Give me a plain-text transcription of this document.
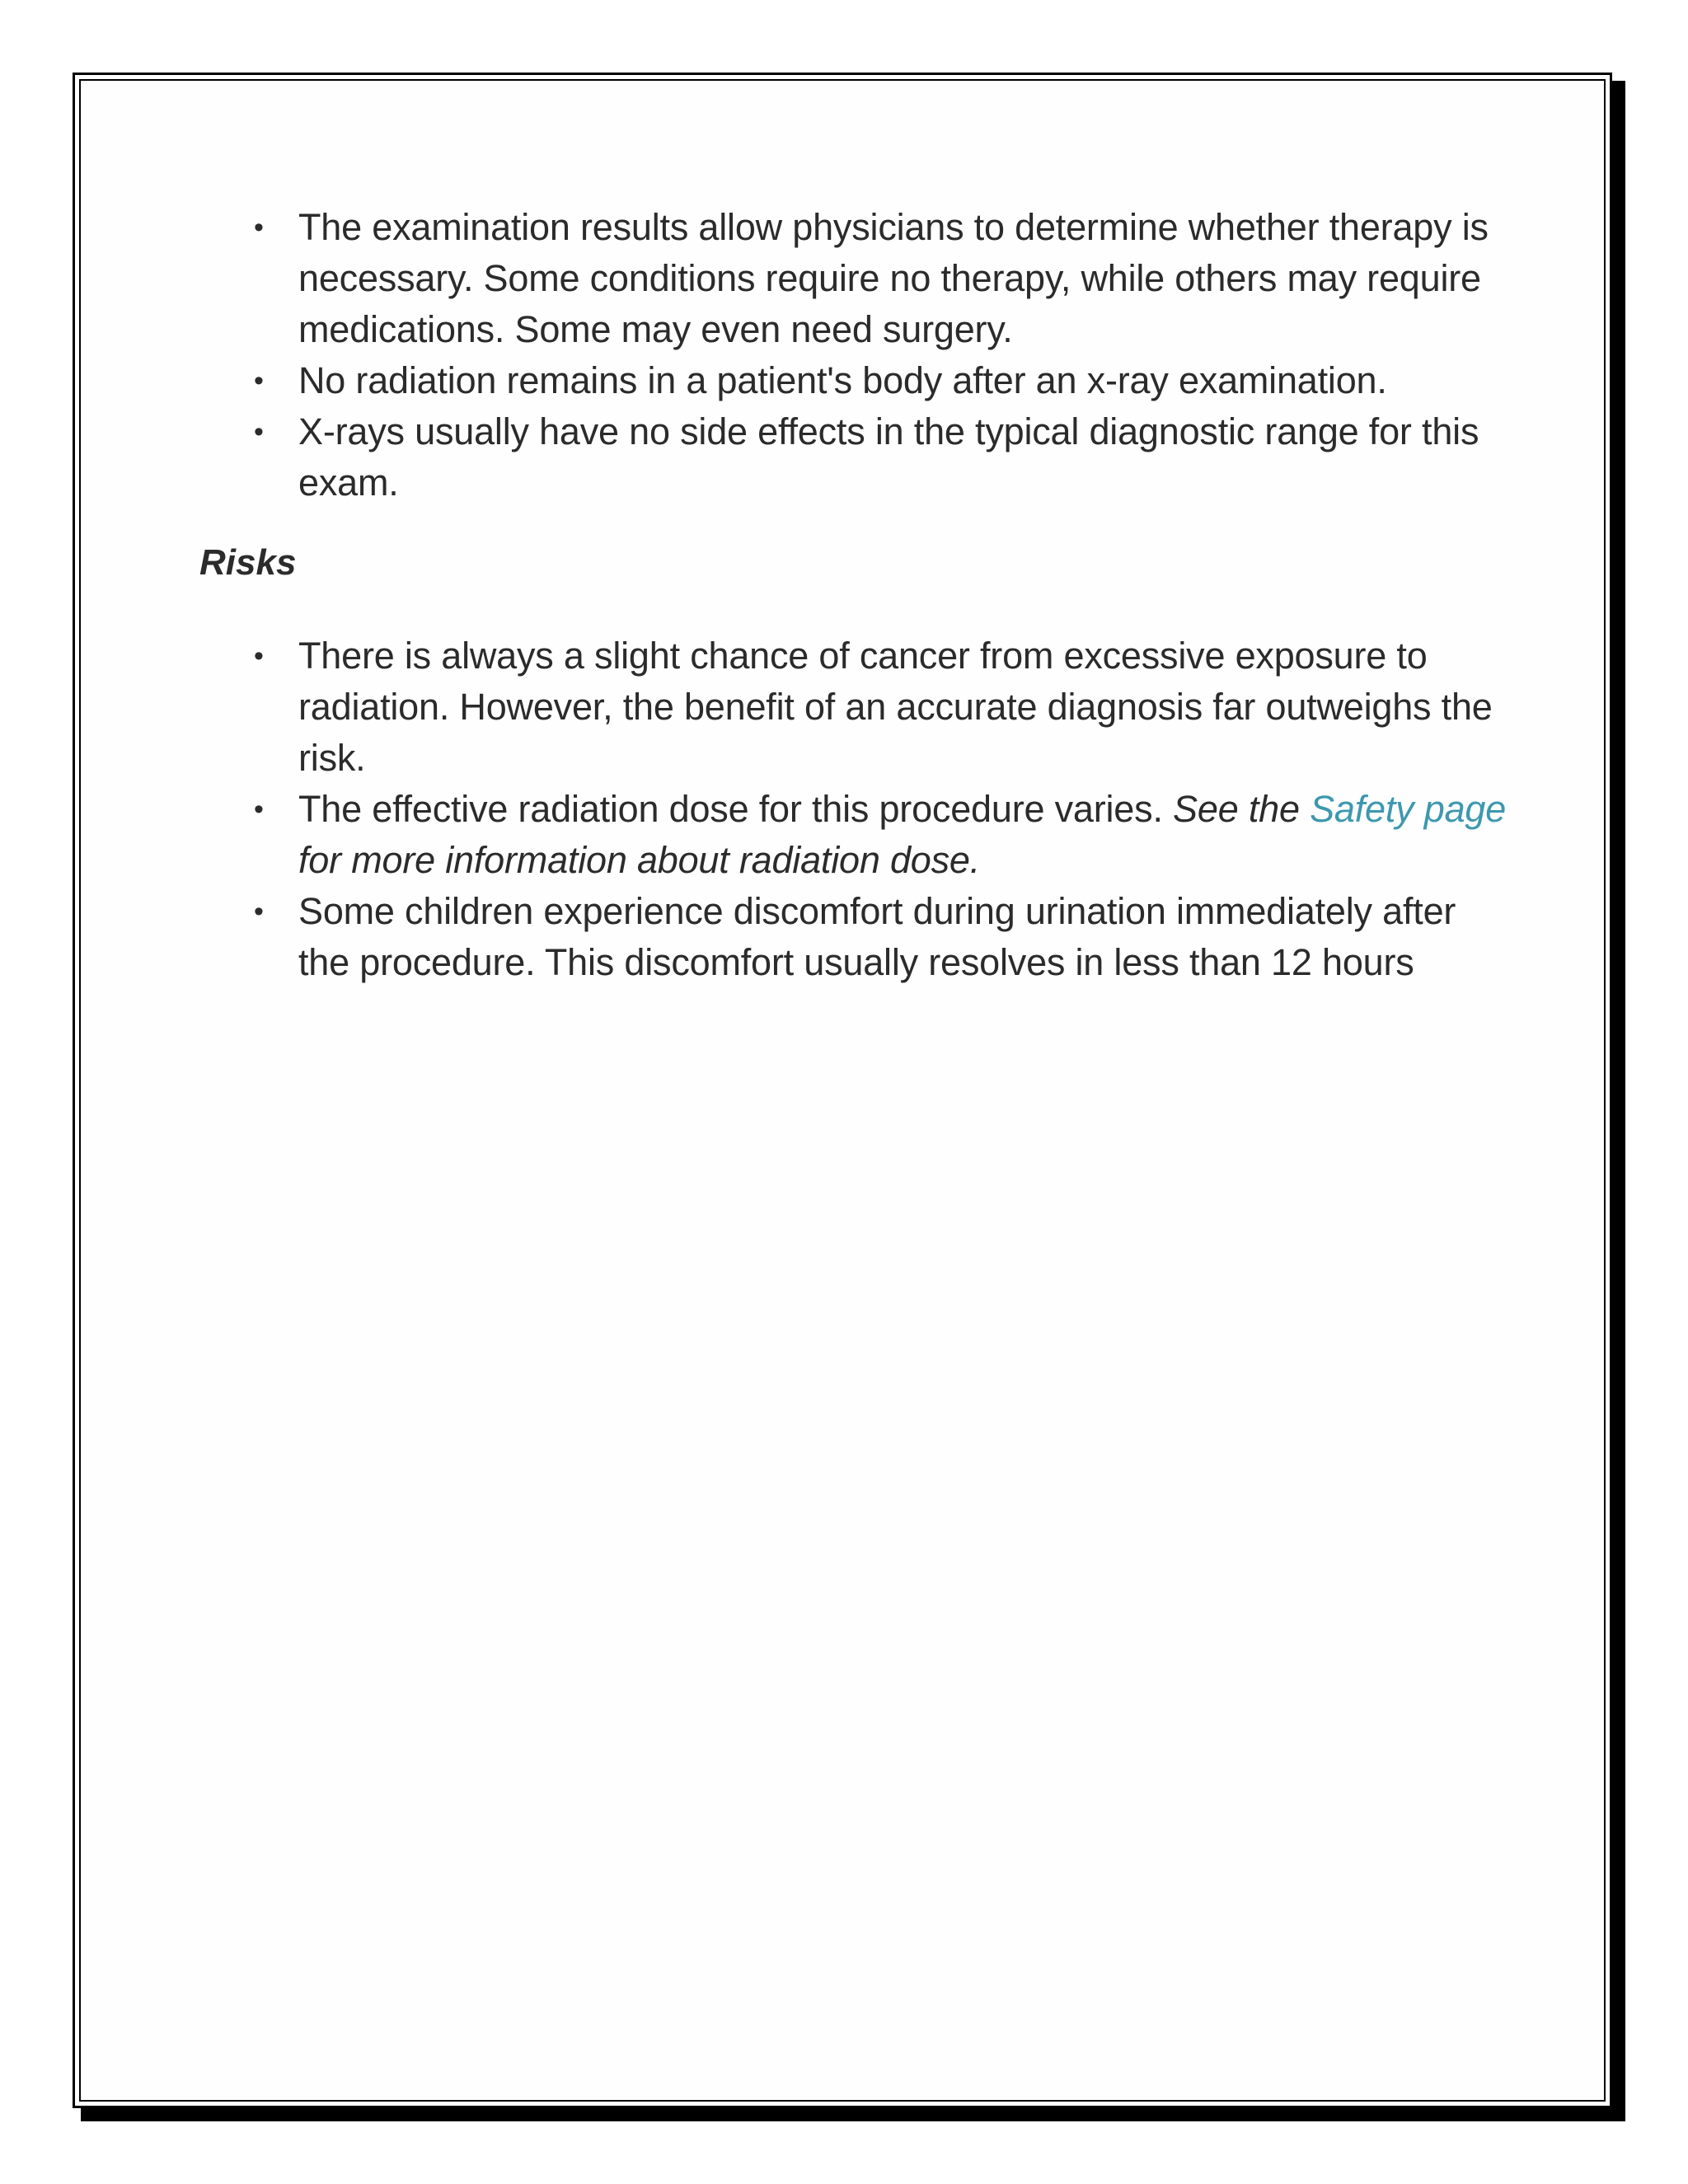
• The examination results allow physicians to determine whether therapy is necessary. Some conditions require no therapy, while others may require medications. Some may even need surgery.
• No radiation remains in a patient's body after an x-ray examination.
• X-rays usually have no side effects in the typical diagnostic range for this exam.
Risks
• There is always a slight chance of cancer from excessive exposure to radiation. However, the benefit of an accurate diagnosis far outweighs the risk.
• The effective radiation dose for this procedure varies. See the Safety page for more information about radiation dose.
• Some children experience discomfort during urination immediately after the procedure. This discomfort usually resolves in less than 12 hours
